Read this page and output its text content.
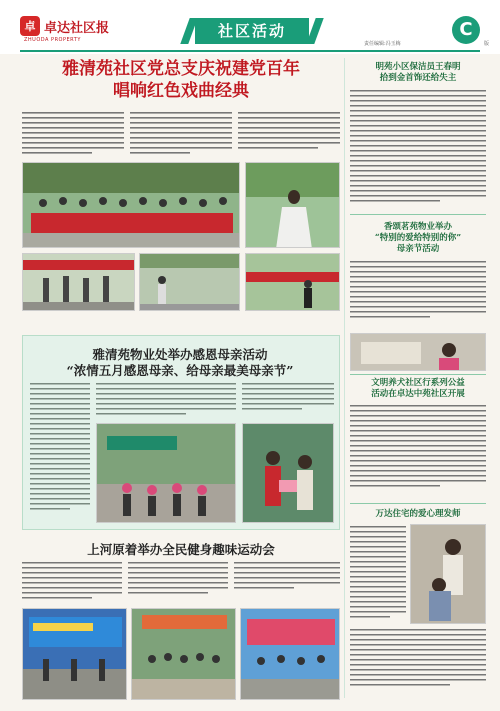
卓 卓达社区报
ZHUODA PROPERTY	社区活动
责任编辑:冯玉梅
C
版
雅清苑社区党总支庆祝建党百年
唱响红色戏曲经典
雅清苑物业处举办感恩母亲活动
“浓情五月感恩母亲、给母亲最美母亲节”
上河原着举办全民健身趣味运动会
明苑小区保洁员王春明
拾到金首饰还给失主
香颂茗苑物业举办
“特别的爱给特别的你”
母亲节活动
文明养犬社区行系列公益
活动在卓达中苑社区开展
万达住宅的爱心理发师
